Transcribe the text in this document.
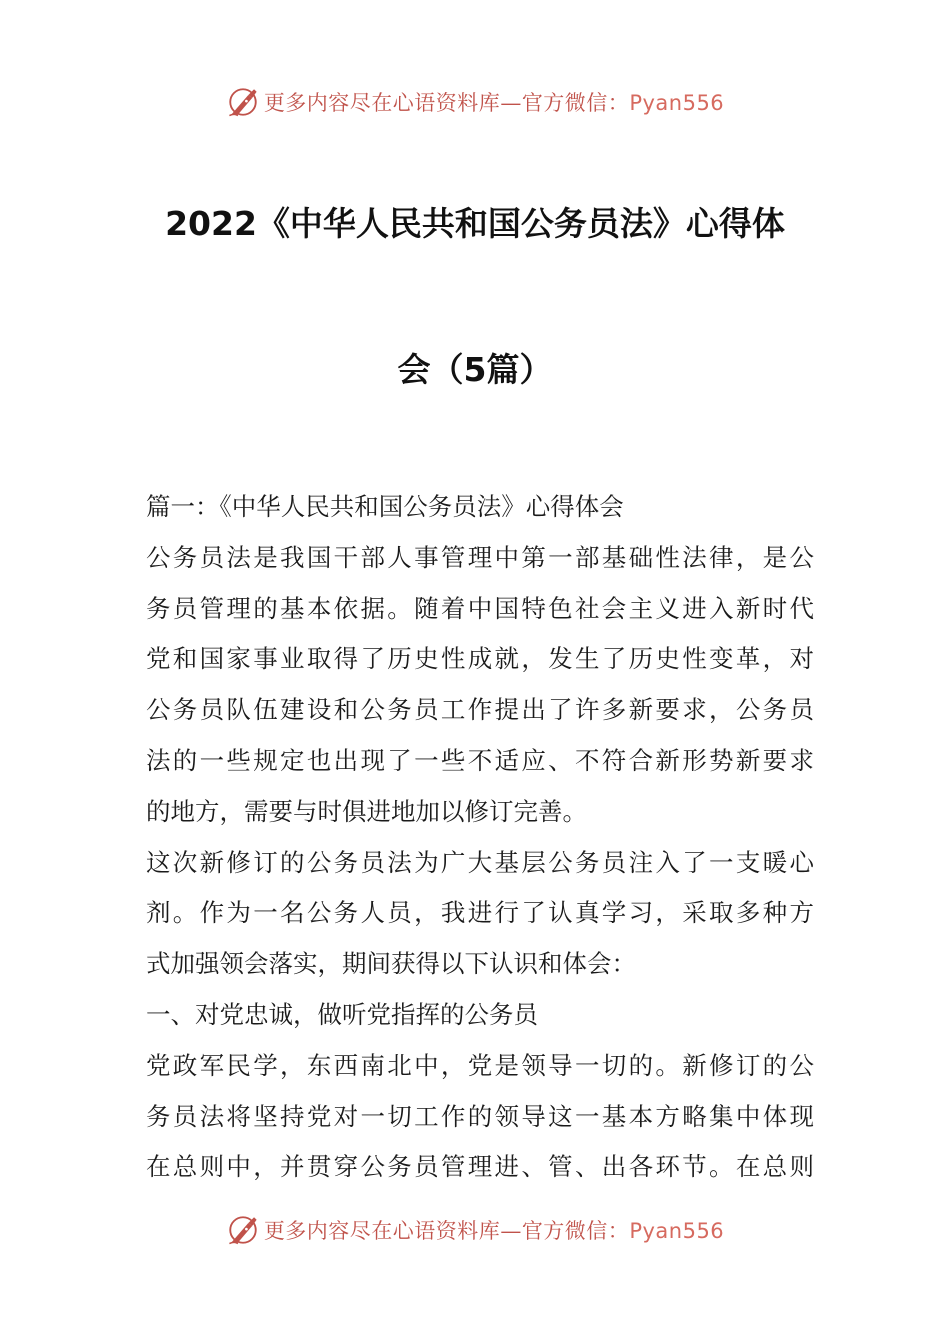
更多内容尽在心语资料库—官方微信：Pyan556
2022《中华人民共和国公务员法》心得体
会（5篇）
篇一：《中华人民共和国公务员法》心得体会
公务员法是我国干部人事管理中第一部基础性法律，是公
务员管理的基本依据。随着中国特色社会主义进入新时代
党和国家事业取得了历史性成就，发生了历史性变革，对
公务员队伍建设和公务员工作提出了许多新要求，公务员
法的一些规定也出现了一些不适应、不符合新形势新要求
的地方，需要与时俱进地加以修订完善。
这次新修订的公务员法为广大基层公务员注入了一支暖心
剂。作为一名公务人员，我进行了认真学习，采取多种方
式加强领会落实，期间获得以下认识和体会：
一、对党忠诚，做听党指挥的公务员
党政军民学，东西南北中，党是领导一切的。新修订的公
务员法将坚持党对一切工作的领导这一基本方略集中体现
在总则中，并贯穿公务员管理进、管、出各环节。在总则
更多内容尽在心语资料库—官方微信：Pyan556
